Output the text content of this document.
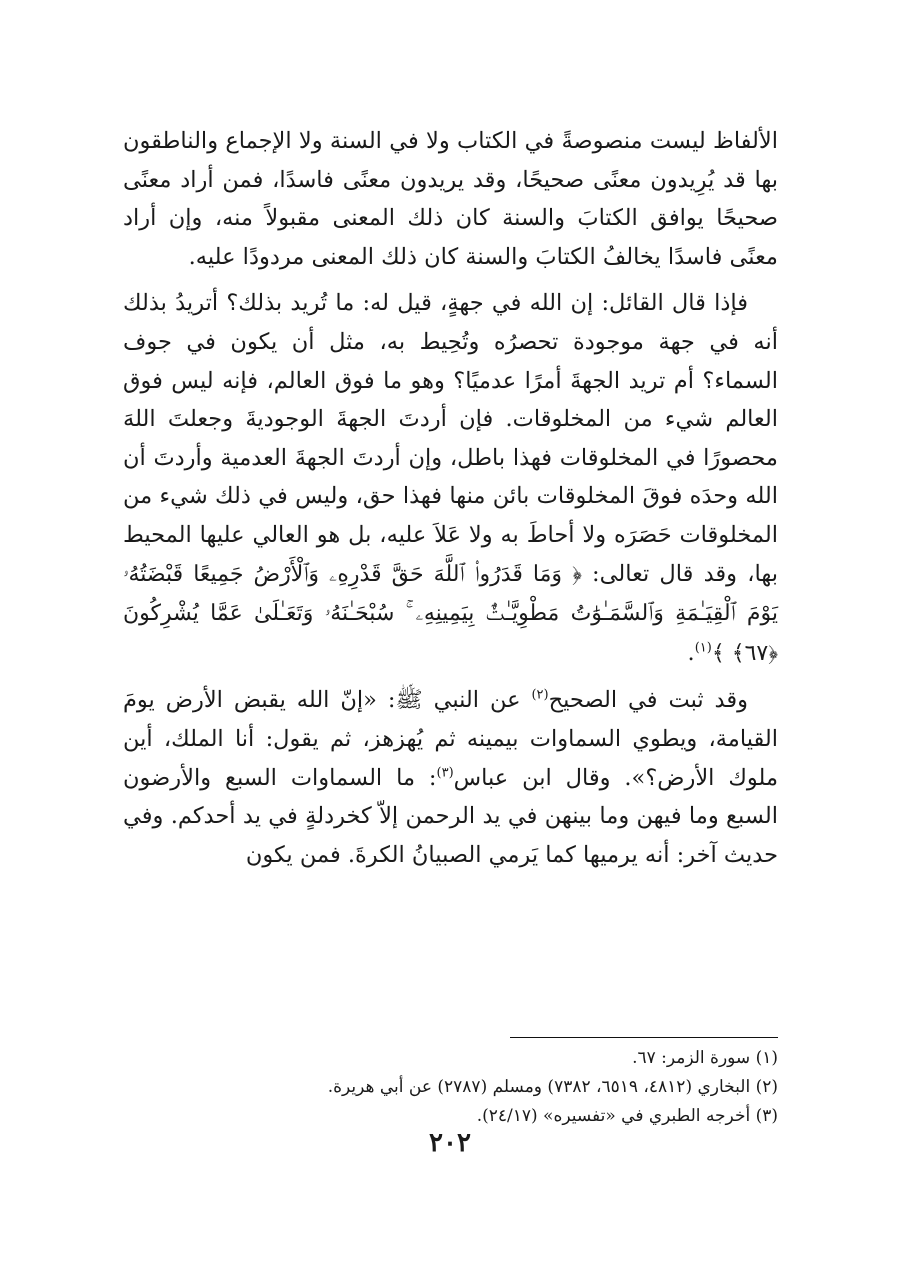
الألفاظ ليست منصوصةً في الكتاب ولا في السنة ولا الإجماع والناطقون بها قد يُرِيدون معنًى صحيحًا، وقد يريدون معنًى فاسدًا، فمن أراد معنًى صحيحًا يوافق الكتابَ والسنة كان ذلك المعنى مقبولاً منه، وإن أراد معنًى فاسدًا يخالفُ الكتابَ والسنة كان ذلك المعنى مردودًا عليه.

فإذا قال القائل: إن الله في جهةٍ، قيل له: ما تُريد بذلك؟ أتريدُ بذلك أنه في جهة موجودة تحصرُه وتُحِيط به، مثل أن يكون في جوف السماء؟ أم تريد الجهةَ أمرًا عدميًا؟ وهو ما فوق العالم، فإنه ليس فوق العالم شيء من المخلوقات. فإن أردتَ الجهةَ الوجوديةَ وجعلتَ اللهَ محصورًا في المخلوقات فهذا باطل، وإن أردتَ الجهةَ العدمية وأردتَ أن الله وحدَه فوقَ المخلوقات بائن منها فهذا حق، وليس في ذلك شيء من المخلوقات حَصَرَه ولا أحاطَ به ولا عَلاَ عليه، بل هو العالي عليها المحيط بها، وقد قال تعالى: ﴿ وَمَا قَدَرُوا۟ ٱللَّهَ حَقَّ قَدْرِهِۦ وَٱلْأَرْضُ جَمِيعًا قَبْضَتُهُۥ يَوْمَ ٱلْقِيَـٰمَةِ وَٱلسَّمَـٰوَٰتُ مَطْوِيَّـٰتٌۢ بِيَمِينِهِۦ ۚ سُبْحَـٰنَهُۥ وَتَعَـٰلَىٰ عَمَّا يُشْرِكُونَ ﴿٦٧﴾ ﴾$^{(١)}$.

وقد ثبت في الصحيح$^{(٢)}$ عن النبي ﷺ: «إنّ الله يقبض الأرض يومَ القيامة، ويطوي السماوات بيمينه ثم يُهزهز، ثم يقول: أنا الملك، أين ملوك الأرض؟». وقال ابن عباس$^{(٣)}$: ما السماوات السبع والأرضون السبع وما فيهن وما بينهن في يد الرحمن إلاّ كخردلةٍ في يد أحدكم. وفي حديث آخر: أنه يرميها كما يَرمي الصبيانُ الكرةَ. فمن يكون

(١) سورة الزمر: ٦٧.

(٢) البخاري (٤٨١٢، ٦٥١٩، ٧٣٨٢) ومسلم (٢٧٨٧) عن أبي هريرة.

(٣) أخرجه الطبري في «تفسيره» (٢٤/١٧).

٢٠٢
